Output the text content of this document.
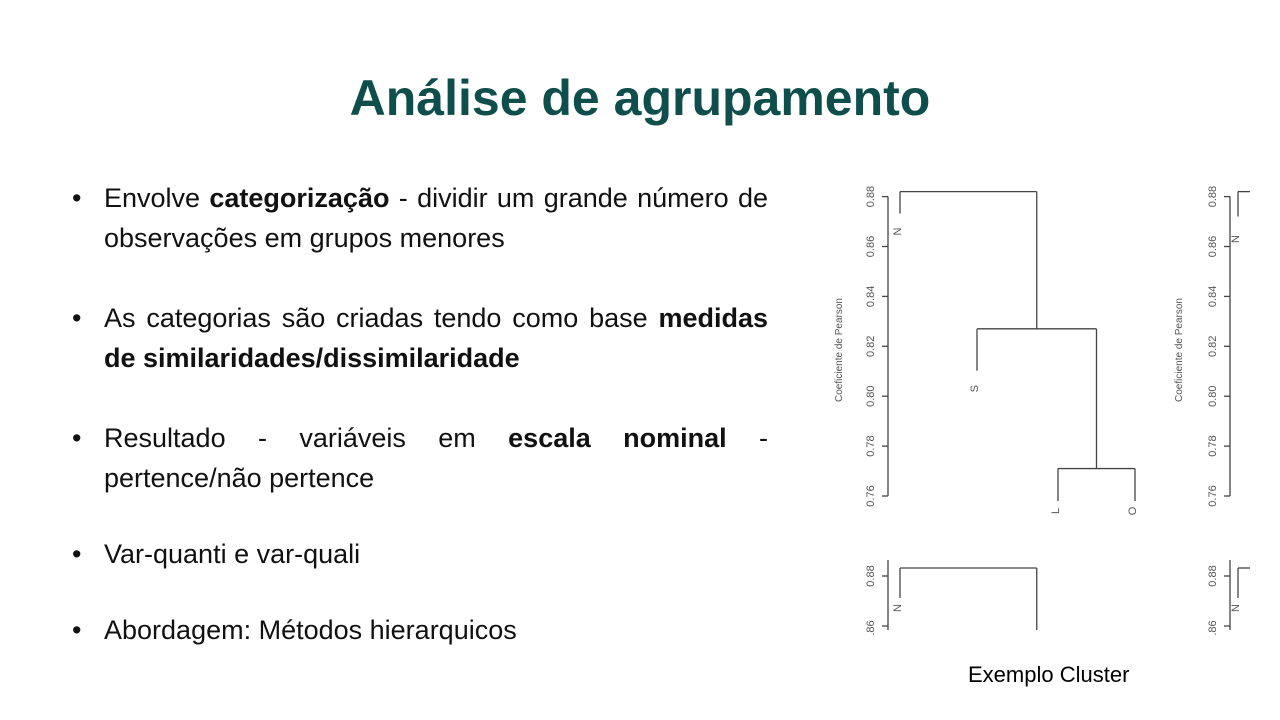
Análise de agrupamento
• Envolve categorização - dividir um grande número de observações em grupos menores
• As categorias são criadas tendo como base medidas de similaridades/dissimilaridade
• Resultado - variáveis em escala nominal - pertence/não pertence
• Var-quanti e var-quali
• Abordagem: Métodos hierarquicos
0.76
0.78
0.80
0.82
0.84
0.86
0.88
Coeficiente de Pearson
N
S
L	O
0.76
0.78
0.80
0.82
0.84
0.86
0.88
Coeficiente de Pearson
N
0.88
.86
N
0.88
.86
N
Exemplo Cluster
